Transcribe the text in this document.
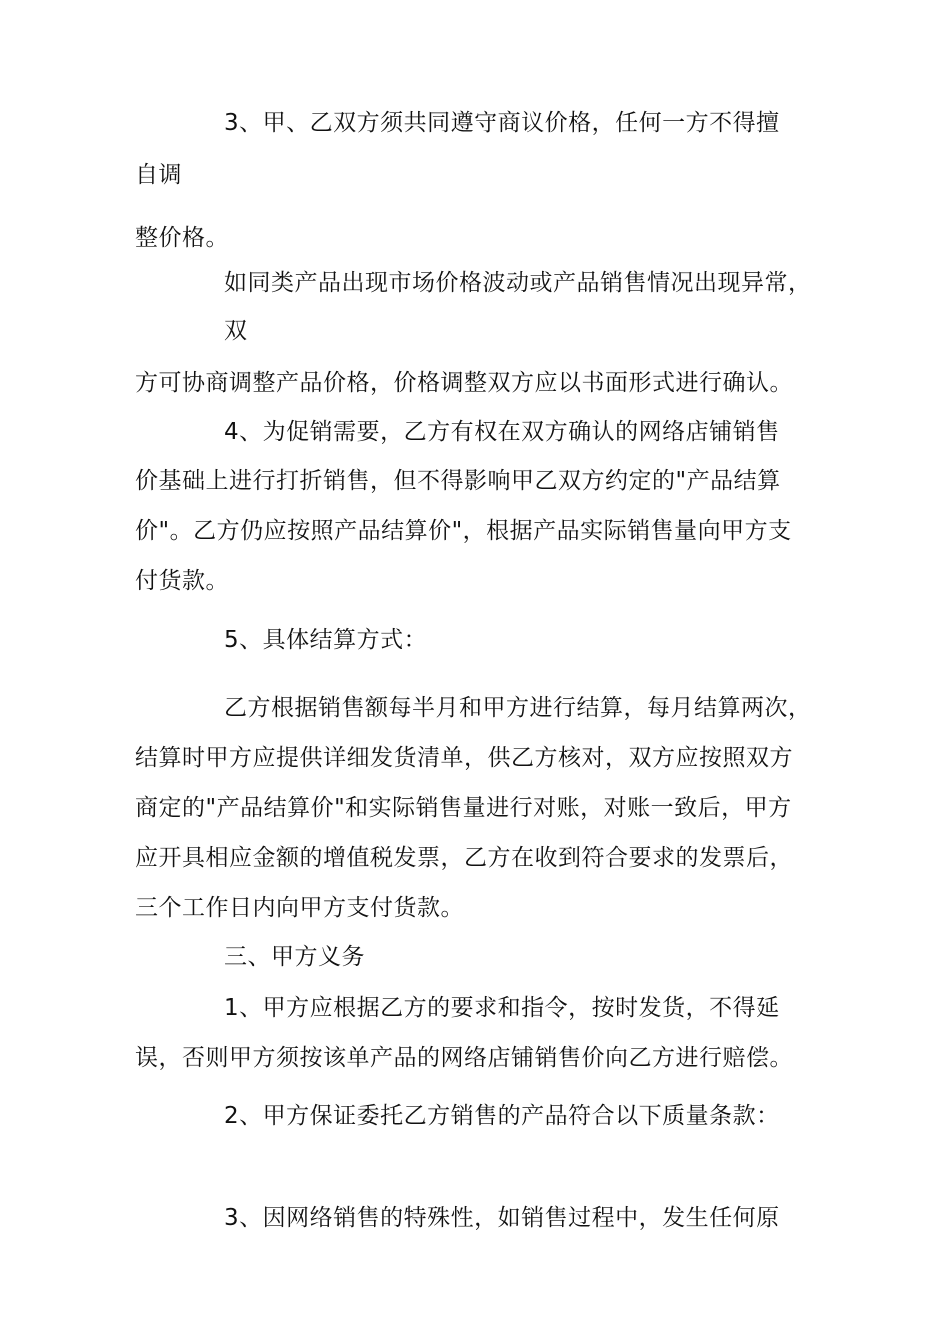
3、甲、乙双方须共同遵守商议价格，任何一方不得擅
自调
整价格。
如同类产品出现市场价格波动或产品销售情况出现异常，
双
方可协商调整产品价格，价格调整双方应以书面形式进行确认。
4、为促销需要，乙方有权在双方确认的网络店铺销售
价基础上进行打折销售，但不得影响甲乙双方约定的"产品结算
价"。乙方仍应按照产品结算价"，根据产品实际销售量向甲方支
付货款。
5、具体结算方式：
乙方根据销售额每半月和甲方进行结算，每月结算两次，
结算时甲方应提供详细发货清单，供乙方核对，双方应按照双方
商定的"产品结算价"和实际销售量进行对账，对账一致后，甲方
应开具相应金额的增值税发票，乙方在收到符合要求的发票后，
三个工作日内向甲方支付货款。
三、甲方义务
1、甲方应根据乙方的要求和指令，按时发货，不得延
误，否则甲方须按该单产品的网络店铺销售价向乙方进行赔偿。
2、甲方保证委托乙方销售的产品符合以下质量条款：
3、因网络销售的特殊性，如销售过程中，发生任何原
